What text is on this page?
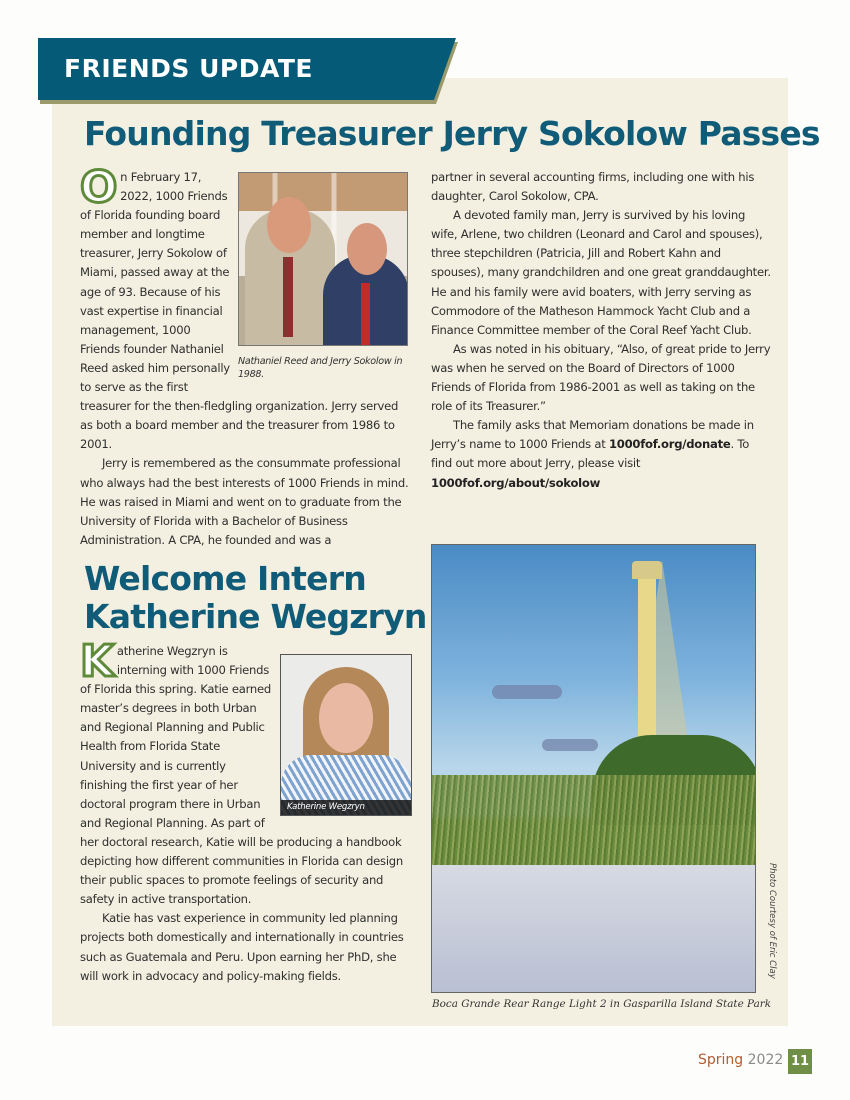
FRIENDS UPDATE
Founding Treasurer Jerry Sokolow Passes
Nathaniel Reed and Jerry Sokolow in 1988.

On February 17, 2022, 1000 Friends of Florida founding board member and longtime treasurer, Jerry Sokolow of Miami, passed away at the age of 93. Because of his vast expertise in financial management, 1000 Friends founder Nathaniel Reed asked him personally to serve as the first treasurer for the then-fledgling organization. Jerry served as both a board member and the treasurer from 1986 to 2001.

Jerry is remembered as the consummate professional who always had the best interests of 1000 Friends in mind. He was raised in Miami and went on to graduate from the University of Florida with a Bachelor of Business Administration. A CPA, he founded and was a

partner in several accounting firms, including one with his daughter, Carol Sokolow, CPA.

A devoted family man, Jerry is survived by his loving wife, Arlene, two children (Leonard and Carol and spouses), three stepchildren (Patricia, Jill and Robert Kahn and spouses), many grandchildren and one great granddaughter. He and his family were avid boaters, with Jerry serving as Commodore of the Matheson Hammock Yacht Club and a Finance Committee member of the Coral Reef Yacht Club.

As was noted in his obituary, “Also, of great pride to Jerry was when he served on the Board of Directors of 1000 Friends of Florida from 1986-2001 as well as taking on the role of its Treasurer.”

The family asks that Memoriam donations be made in Jerry’s name to 1000 Friends at 1000fof.org/donate. To find out more about Jerry, please visit 1000fof.org/about/sokolow

Welcome Intern
Katherine Wegzryn
Katherine Wegzryn

Katherine Wegzryn is interning with 1000 Friends of Florida this spring. Katie earned master’s degrees in both Urban and Regional Planning and Public Health from Florida State University and is currently finishing the first year of her doctoral program there in Urban and Regional Planning. As part of her doctoral research, Katie will be producing a handbook depicting how different communities in Florida can design their public spaces to promote feelings of security and safety in active transportation.

Katie has vast experience in community led planning projects both domestically and internationally in countries such as Guatemala and Peru. Upon earning her PhD, she will work in advocacy and policy-making fields.	Photo Courtesy of Eric Clay
Boca Grande Rear Range Light 2 in Gasparilla Island State Park
Spring 2022 11
